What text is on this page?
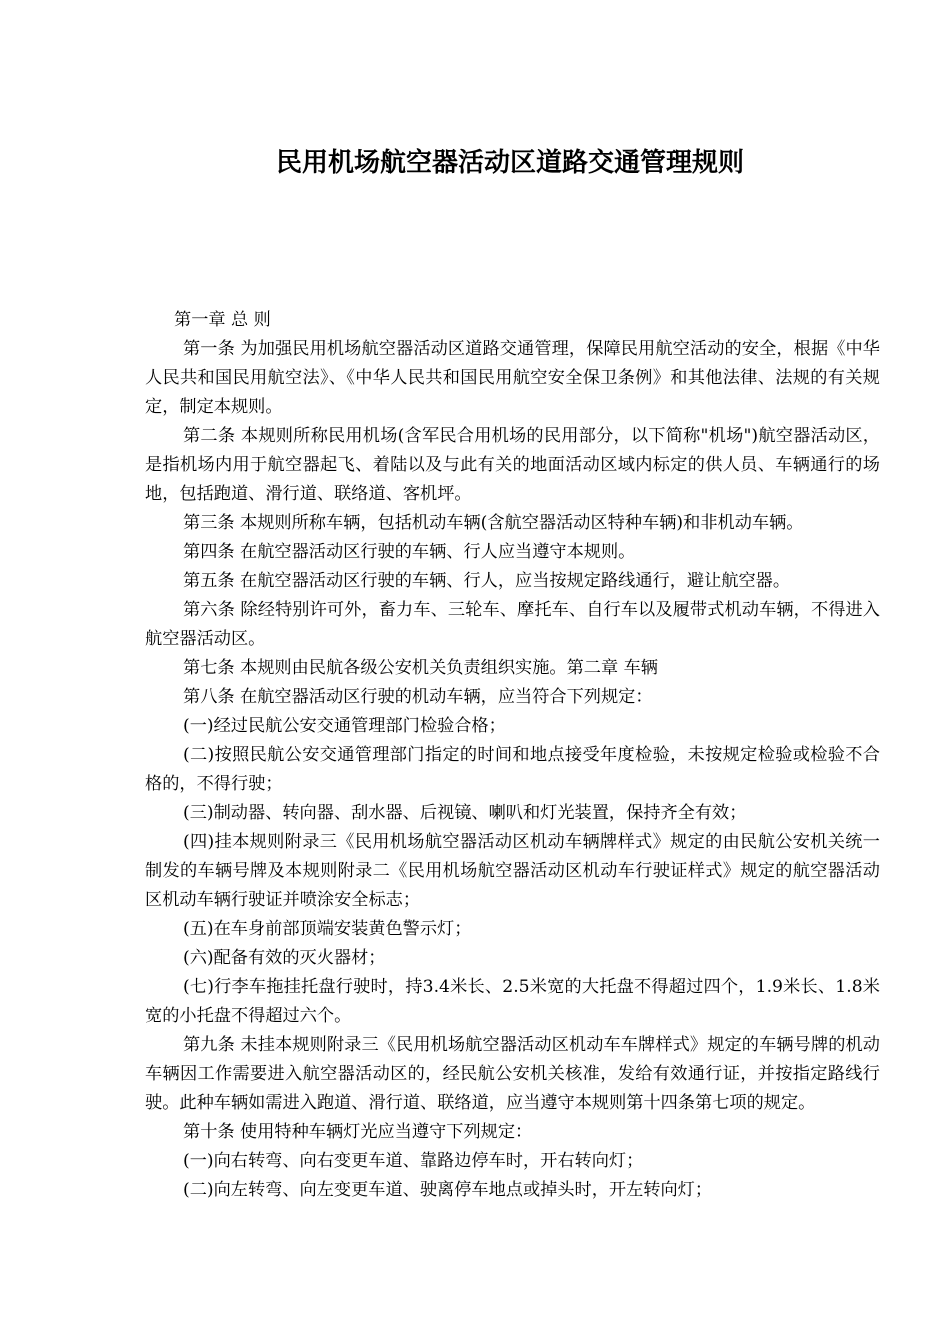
民用机场航空器活动区道路交通管理规则

第一章 总 则

第一条 为加强民用机场航空器活动区道路交通管理，保障民用航空活动的安全，根据《中华人民共和国民用航空法》、《中华人民共和国民用航空安全保卫条例》和其他法律、法规的有关规定，制定本规则。

第二条 本规则所称民用机场(含军民合用机场的民用部分，以下简称"机场")航空器活动区，是指机场内用于航空器起飞、着陆以及与此有关的地面活动区域内标定的供人员、车辆通行的场地，包括跑道、滑行道、联络道、客机坪。

第三条 本规则所称车辆，包括机动车辆(含航空器活动区特种车辆)和非机动车辆。

第四条 在航空器活动区行驶的车辆、行人应当遵守本规则。

第五条 在航空器活动区行驶的车辆、行人，应当按规定路线通行，避让航空器。

第六条 除经特别许可外，畜力车、三轮车、摩托车、自行车以及履带式机动车辆，不得进入航空器活动区。

第七条 本规则由民航各级公安机关负责组织实施。第二章 车辆

第八条 在航空器活动区行驶的机动车辆，应当符合下列规定：

(一)经过民航公安交通管理部门检验合格；

(二)按照民航公安交通管理部门指定的时间和地点接受年度检验，未按规定检验或检验不合格的，不得行驶；

(三)制动器、转向器、刮水器、后视镜、喇叭和灯光装置，保持齐全有效；

(四)挂本规则附录三《民用机场航空器活动区机动车辆牌样式》规定的由民航公安机关统一制发的车辆号牌及本规则附录二《民用机场航空器活动区机动车行驶证样式》规定的航空器活动区机动车辆行驶证并喷涂安全标志；

(五)在车身前部顶端安装黄色警示灯；

(六)配备有效的灭火器材；

(七)行李车拖挂托盘行驶时，持3.4米长、2.5米宽的大托盘不得超过四个，1.9米长、1.8米宽的小托盘不得超过六个。

第九条 未挂本规则附录三《民用机场航空器活动区机动车车牌样式》规定的车辆号牌的机动车辆因工作需要进入航空器活动区的，经民航公安机关核准，发给有效通行证，并按指定路线行驶。此种车辆如需进入跑道、滑行道、联络道，应当遵守本规则第十四条第七项的规定。

第十条 使用特种车辆灯光应当遵守下列规定：

(一)向右转弯、向右变更车道、靠路边停车时，开右转向灯；

(二)向左转弯、向左变更车道、驶离停车地点或掉头时，开左转向灯；
